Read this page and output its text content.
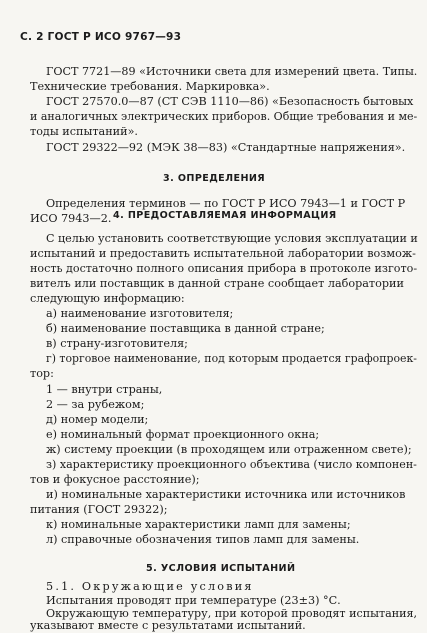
С. 2 ГОСТ Р ИСО 9767—93

ГОСТ 7721—89 «Источники света для измерений цвета. Типы.

Технические требования. Маркировка».

ГОСТ 27570.0—87 (СТ СЭВ 1110—86) «Безопасность бытовых

и аналогичных электрических приборов. Общие требования и ме-

тоды испытаний».

ГОСТ 29322—92 (МЭК 38—83) «Стандартные напряжения».

3. ОПРЕДЕЛЕНИЯ

Определения терминов — по ГОСТ Р ИСО 7943—1 и ГОСТ Р

ИСО 7943—2. 4. ПРЕДОСТАВЛЯЕМАЯ ИНФОРМАЦИЯ

С целью установить соответствующие условия эксплуатации и

испытаний и предоставить испытательной лаборатории возмож-

ность достаточно полного описания прибора в протоколе изгото-

вителъ или поставщик в данной стране сообщает лаборатории

следующую информацию:

а) наименование изготовителя;

б) наименование поставщика в данной стране;

в) страну-изготовителя;

г) торговое наименование, под которым продается графопроек-

тор:

1 — внутри страны,

2 — за рубежом;

д) номер модели;

е) номинальный формат проекционного окна;

ж) систему проекции (в проходящем или отраженном свете);

з) характеристику проекционного объектива (число компонен-

тов и фокусное расстояние);

и) номинальные характеристики источника или источников

питания (ГОСТ 29322);

к) номинальные характеристики ламп для замены;

л) справочные обозначения типов ламп для замены.

5. УСЛОВИЯ ИСПЫТАНИЙ

5.1. Окружающие условия

Испытания проводят при температуре (23±3) °С.

Окружающую температуру, при которой проводят испытания,

указывают вместе с результатами испытаний.
